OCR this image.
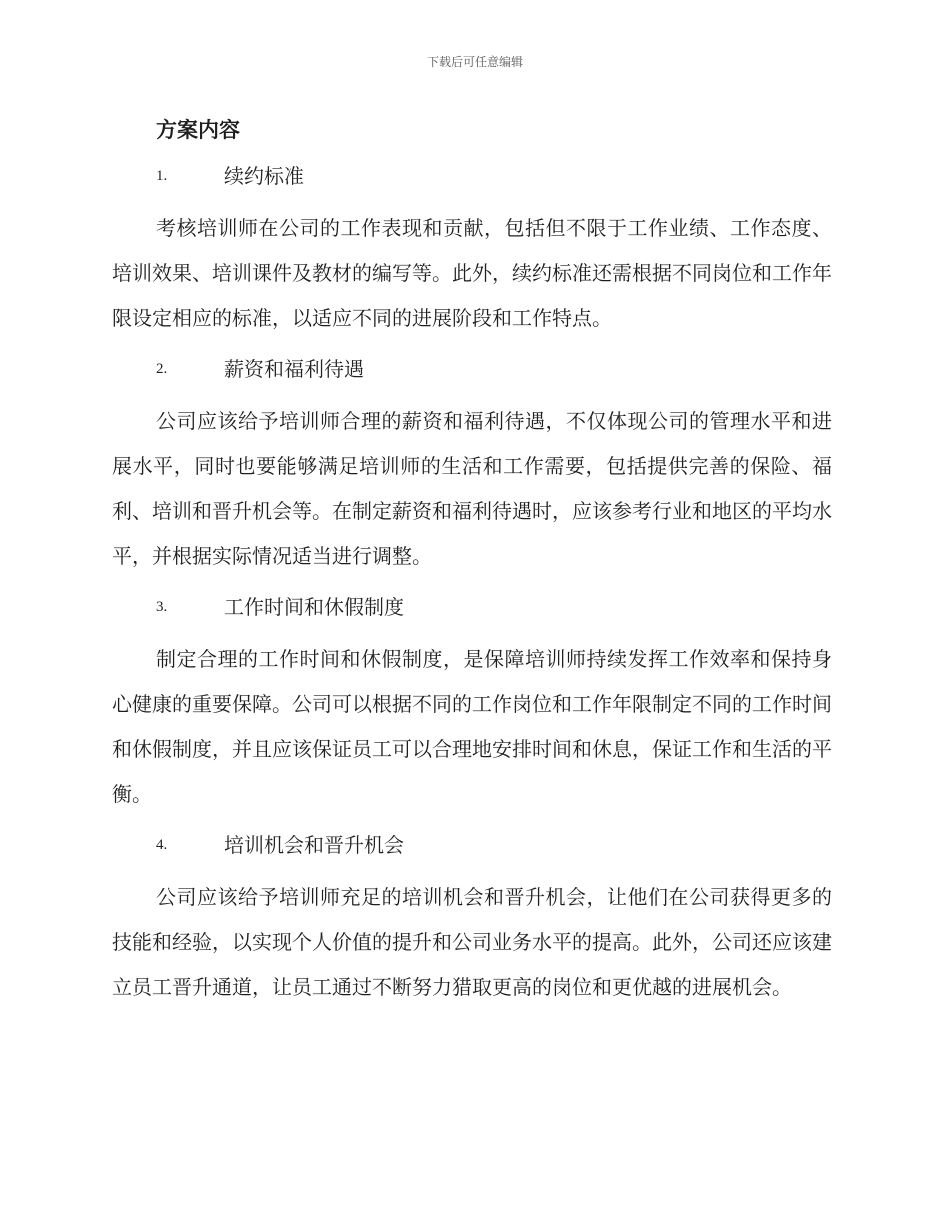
下载后可任意编辑
方案内容
1.	续约标准

考核培训师在公司的工作表现和贡献，包括但不限于工作业绩、工作态度、培训效果、培训课件及教材的编写等。此外，续约标准还需根据不同岗位和工作年限设定相应的标准，以适应不同的进展阶段和工作特点。

2.	薪资和福利待遇

公司应该给予培训师合理的薪资和福利待遇，不仅体现公司的管理水平和进展水平，同时也要能够满足培训师的生活和工作需要，包括提供完善的保险、福利、培训和晋升机会等。在制定薪资和福利待遇时，应该参考行业和地区的平均水平，并根据实际情况适当进行调整。

3.	工作时间和休假制度

制定合理的工作时间和休假制度，是保障培训师持续发挥工作效率和保持身心健康的重要保障。公司可以根据不同的工作岗位和工作年限制定不同的工作时间和休假制度，并且应该保证员工可以合理地安排时间和休息，保证工作和生活的平衡。

4.	培训机会和晋升机会

公司应该给予培训师充足的培训机会和晋升机会，让他们在公司获得更多的技能和经验，以实现个人价值的提升和公司业务水平的提高。此外，公司还应该建立员工晋升通道，让员工通过不断努力猎取更高的岗位和更优越的进展机会。
